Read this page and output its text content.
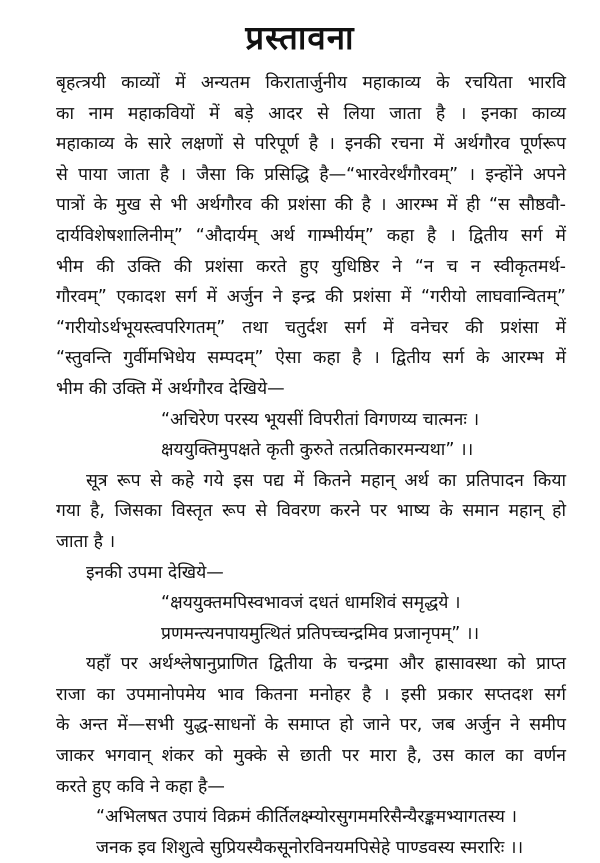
प्रस्तावना
बृहत्त्रयी काव्यों में अन्यतम किरातार्जुनीय महाकाव्य के रचयिता भारवि
का नाम महाकवियों में बड़े आदर से लिया जाता है । इनका काव्य
महाकाव्य के सारे लक्षणों से परिपूर्ण है । इनकी रचना में अर्थगौरव पूर्णरूप
से पाया जाता है । जैसा कि प्रसिद्धि है—“भारवेरर्थंगौरवम्” । इन्होंने अपने
पात्रों के मुख से भी अर्थगौरव की प्रशंसा की है । आरम्भ में ही “स सौष्ठवौ-
दार्यविशेषशालिनीम्” “औदार्यम् अर्थ गाम्भीर्यम्” कहा है । द्वितीय सर्ग में
भीम की उक्ति की प्रशंसा करते हुए युधिष्ठिर ने “न च न स्वीकृतमर्थ-
गौरवम्” एकादश सर्ग में अर्जुन ने इन्द्र की प्रशंसा में “गरीयो लाघवान्वितम्”
“गरीयोऽर्थभूयस्त्वपरिगतम्” तथा चतुर्दश सर्ग में वनेचर की प्रशंसा में
“स्तुवन्ति गुर्वीमभिधेय सम्पदम्” ऐसा कहा है । द्वितीय सर्ग के आरम्भ में
भीम की उक्ति में अर्थगौरव देखिये—
“अचिरेण परस्य भूयसीं विपरीतां विगणय्य चात्मनः ।
क्षययुक्तिमुपक्षते कृती कुरुते तत्प्रतिकारमन्यथा” ।।
सूत्र रूप से कहे गये इस पद्य में कितने महान् अर्थ का प्रतिपादन किया
गया है, जिसका विस्तृत रूप से विवरण करने पर भाष्य के समान महान् हो
जाता है ।
इनकी उपमा देखिये—
“क्षययुक्तमपिस्वभावजं दधतं धामशिवं समृद्धये ।
प्रणमन्त्यनपायमुत्थितं प्रतिपच्चन्द्रमिव प्रजानृपम्” ।।
यहाँ पर अर्थश्लेषानुप्राणित द्वितीया के चन्द्रमा और ह्रासावस्था को प्राप्त
राजा का उपमानोपमेय भाव कितना मनोहर है । इसी प्रकार सप्तदश सर्ग
के अन्त में—सभी युद्ध-साधनों के समाप्त हो जाने पर, जब अर्जुन ने समीप
जाकर भगवान् शंकर को मुक्के से छाती पर मारा है, उस काल का वर्णन
करते हुए कवि ने कहा है—
“अभिलषत उपायं विक्रमं कीर्तिलक्ष्म्योरसुगममरिसैन्यैरङ्कमभ्यागतस्य ।
जनक इव शिशुत्वे सुप्रियस्यैकसूनोरविनयमपिसेहे पाण्डवस्य स्मरारिः ।।
